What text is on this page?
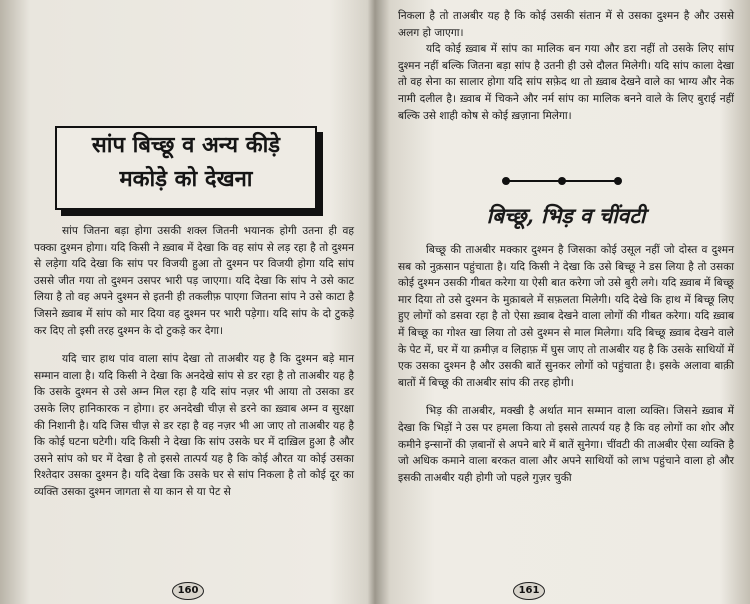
सांप बिच्छू व अन्य कीड़े
मकोड़े को देखना

सांप जितना बड़ा होगा उसकी शक्ल जितनी भयानक होगी उतना ही वह पक्का दुश्मन होगा। यदि किसी ने ख़्वाब में देखा कि वह सांप से लड़ रहा है तो दुश्मन से लड़ेगा यदि देखा कि सांप पर विजयी हुआ तो दुश्मन पर विजयी होगा यदि सांप उससे जीत गया तो दुश्मन उसपर भारी पड़ जाएगा। यदि देखा कि सांप ने उसे काट लिया है तो वह अपने दुश्मन से इतनी ही तकलीफ़ पाएगा जितना सांप ने उसे काटा है जिसने ख़्वाब में सांप को मार दिया वह दुश्मन पर भारी पड़ेगा। यदि सांप के दो टुकड़े कर दिए तो इसी तरह दुश्मन के दो टुकड़े कर देगा।

यदि चार हाथ पांव वाला सांप देखा तो ताअबीर यह है कि दुश्मन बड़े मान सम्मान वाला है। यदि किसी ने देखा कि अनदेखे सांप से डर रहा है तो ताअबीर यह है कि उसके दुश्मन से उसे अम्न मिल रहा है यदि सांप नज़र भी आया तो उसका डर उसके लिए हानिकारक न होगा। हर अनदेखी चीज़ से डरने का ख़्वाब अम्न व सुरक्षा की निशानी है। यदि जिस चीज़ से डर रहा है वह नज़र भी आ जाए तो ताअबीर यह है कि कोई घटना घटेगी। यदि किसी ने देखा कि सांप उसके घर में दाख़िल हुआ है और उसने सांप को घर में देखा है तो इससे तात्पर्य यह है कि कोई औरत या कोई उसका रिश्तेदार उसका दुश्मन है। यदि देखा कि उसके घर से सांप निकला है तो कोई दूर का व्यक्ति उसका दुश्मन जागता से या कान से या पेट से

160

निकला है तो ताअबीर यह है कि कोई उसकी संतान में से उसका दुश्मन है और उससे अलग हो जाएगा।

यदि कोई ख़्वाब में सांप का मालिक बन गया और डरा नहीं तो उसके लिए सांप दुश्मन नहीं बल्कि जितना बड़ा सांप है उतनी ही उसे दौलत मिलेगी। यदि सांप काला देखा तो वह सेना का सालार होगा यदि सांप सफ़ेद था तो ख़्वाब देखने वाले का भाग्य और नेक नामी दलील है। ख़्वाब में चिकने और नर्म सांप का मालिक बनने वाले के लिए बुराई नहीं बल्कि उसे शाही कोष से कोई ख़ज़ाना मिलेगा।

बिच्छू, भिड़ व चींवटी

बिच्छू की ताअबीर मक्कार दुश्मन है जिसका कोई उसूल नहीं जो दोस्त व दुश्मन सब को नुक़सान पहुंचाता है। यदि किसी ने देखा कि उसे बिच्छू ने डस लिया है तो उसका कोई दुश्मन उसकी गीबत करेगा या ऐसी बात करेगा जो उसे बुरी लगे। यदि ख़्वाब में बिच्छू मार दिया तो उसे दुश्मन के मुक़ाबले में सफ़लता मिलेगी। यदि देखे कि हाथ में बिच्छू लिए हुए लोगों को डसवा रहा है तो ऐसा ख़्वाब देखने वाला लोगों की गीबत करेगा। यदि ख़्वाब में बिच्छू का गोश्त खा लिया तो उसे दुश्मन से माल मिलेगा। यदि बिच्छू ख़्वाब देखने वाले के पेट में, घर में या क़मीज़ व लिहाफ़ में घुस जाए तो ताअबीर यह है कि उसके साथियों में एक उसका दुश्मन है और उसकी बातें सुनकर लोगों को पहुंचाता है। इसके अलावा बाक़ी बातों में बिच्छू की ताअबीर सांप की तरह होगी।

भिड़ की ताअबीर, मक्खी है अर्थात मान सम्मान वाला व्यक्ति। जिसने ख़्वाब में देखा कि भिड़ों ने उस पर हमला किया तो इससे तात्पर्य यह है कि वह लोगों का शोर और कमीने इन्सानों की ज़बानों से अपने बारे में बातें सुनेगा। चींवटी की ताअबीर ऐसा व्यक्ति है जो अधिक कमाने वाला बरकत वाला और अपने साथियों को लाभ पहुंचाने वाला हो और इसकी ताअबीर यही होगी जो पहले गुज़र चुकी

161
